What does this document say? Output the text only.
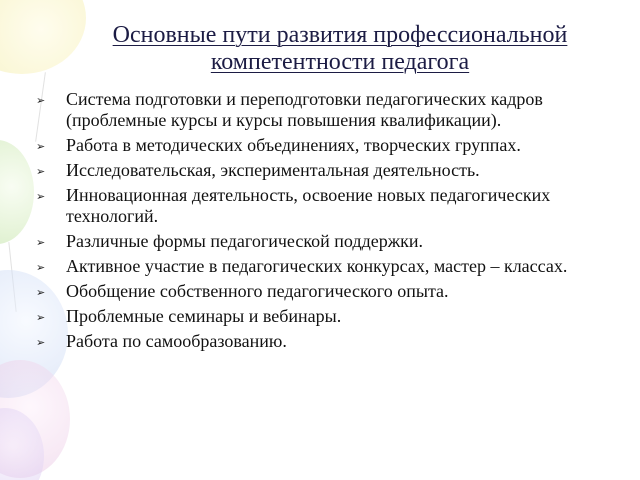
Основные пути развития профессиональной
компетентности педагога
➢ Система подготовки и переподготовки педагогических кадров (проблемные курсы и курсы повышения квалификации).
➢ Работа в методических объединениях, творческих группах.
➢ Исследовательская, экспериментальная деятельность.
➢ Инновационная деятельность, освоение новых педагогических технологий.
➢ Различные формы педагогической поддержки.
➢ Активное участие в педагогических конкурсах, мастер – классах.
➢ Обобщение собственного педагогического опыта.
➢ Проблемные семинары и вебинары.
➢ Работа по самообразованию.
